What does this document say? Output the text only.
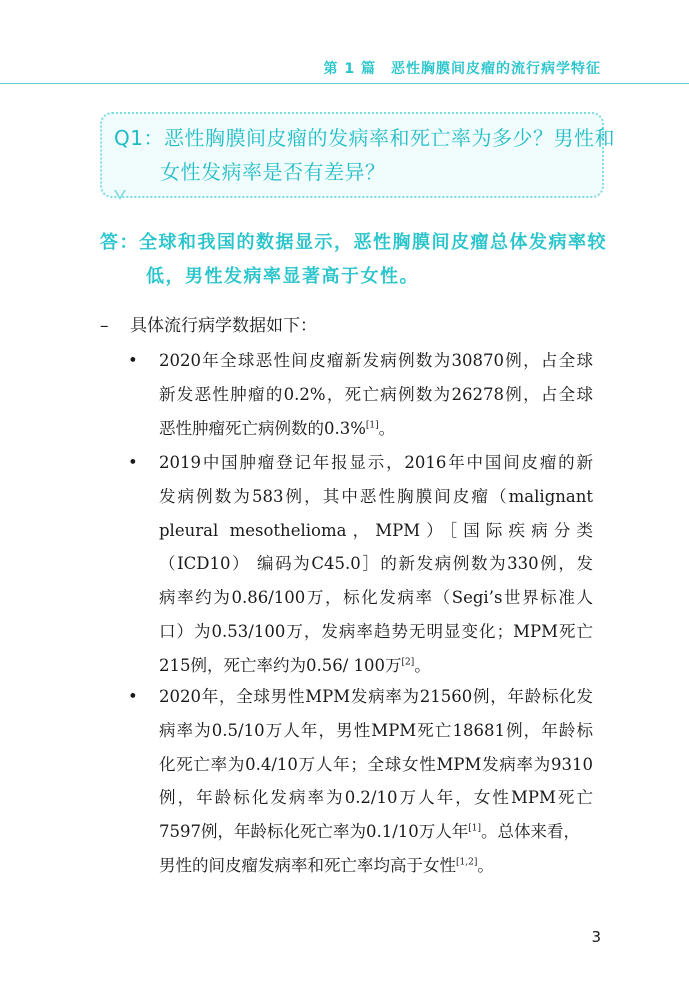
第 1 篇　恶性胸膜间皮瘤的流行病学特征
Q1：恶性胸膜间皮瘤的发病率和死亡率为多少？男性和
女性发病率是否有差异？
答：全球和我国的数据显示，恶性胸膜间皮瘤总体发病率较
低，男性发病率显著高于女性。
– 具体流行病学数据如下：
•	2020年全球恶性间皮瘤新发病例数为30870例，占全球
新发恶性肿瘤的0.2%，死亡病例数为26278例，占全球
恶性肿瘤死亡病例数的0.3%[1]。
•	2019中国肿瘤登记年报显示，2016年中国间皮瘤的新
发病例数为583例，其中恶性胸膜间皮瘤（malignant
pleural mesothelioma，MPM）［国际疾病分类
（ICD10） 编码为C45.0］的新发病例数为330例，发
病率约为0.86/100万，标化发病率（Segi’s世界标准人
口）为0.53/100万，发病率趋势无明显变化；MPM死亡
215例，死亡率约为0.56/ 100万[2]。
•	2020年，全球男性MPM发病率为21560例，年龄标化发
病率为0.5/10万人年，男性MPM死亡18681例，年龄标
化死亡率为0.4/10万人年；全球女性MPM发病率为9310
例，年龄标化发病率为0.2/10万人年，女性MPM死亡
7597例，年龄标化死亡率为0.1/10万人年[1]。总体来看，
男性的间皮瘤发病率和死亡率均高于女性[1,2]。
3
